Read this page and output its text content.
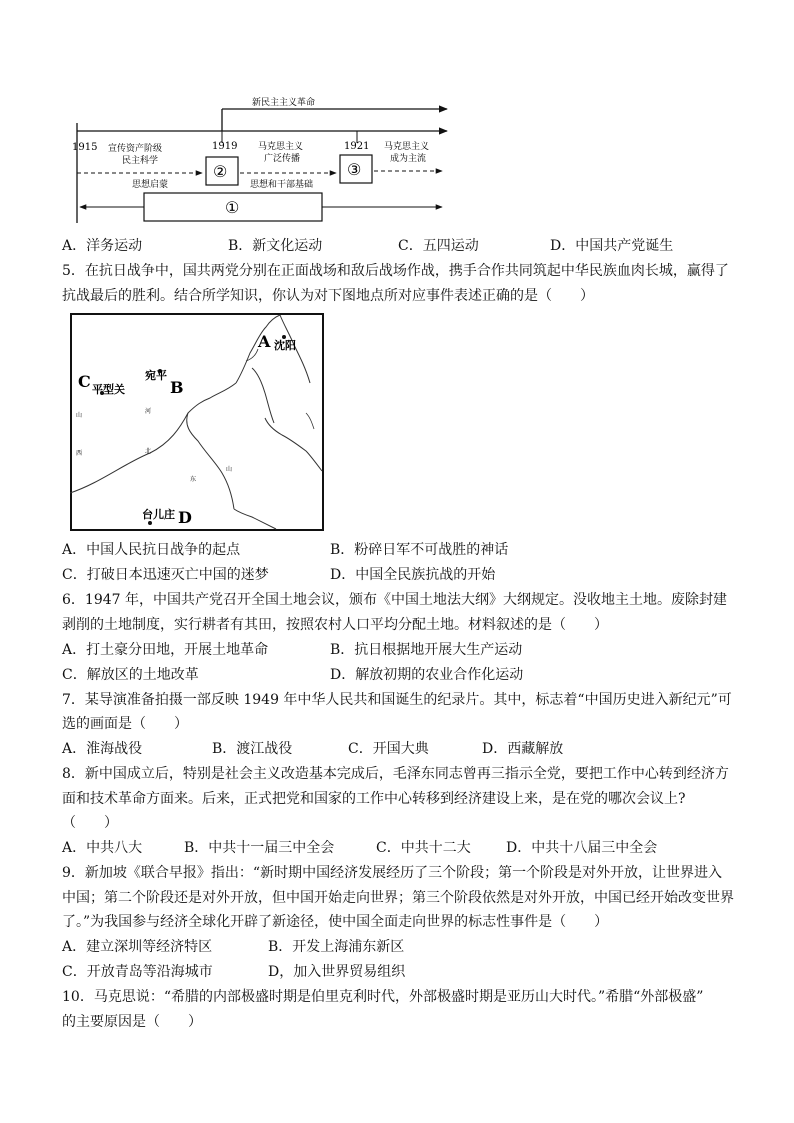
新民主主义革命
1915	1919	1921
宣传资产阶级
民主科学
马克思主义
广泛传播
马克思主义
成为主流
②	③
思想启蒙	思想和干部基础
①
A．洋务运动	B．新文化运动	C．五四运动	D．中国共产党诞生
5．在抗日战争中，国共两党分别在正面战场和敌后战场作战，携手合作共同筑起中华民族血肉长城，赢得了
抗战最后的胜利。结合所学知识，你认为对下图地点所对应事件表述正确的是（　　）
A 沈阳
C 平型关
宛平
B
台儿庄 D
山
西
河
北
山
东
A．中国人民抗日战争的起点	B．粉碎日军不可战胜的神话
C．打破日本迅速灭亡中国的迷梦	D．中国全民族抗战的开始
6．1947 年，中国共产党召开全国土地会议，颁布《中国土地法大纲》大纲规定。没收地主土地。废除封建
剥削的土地制度，实行耕者有其田，按照农村人口平均分配土地。材料叙述的是（　　）
A．打土豪分田地，开展土地革命	B．抗日根据地开展大生产运动
C．解放区的土地改革	D．解放初期的农业合作化运动
7．某导演准备拍摄一部反映 1949 年中华人民共和国诞生的纪录片。其中，标志着“中国历史进入新纪元”可
选的画面是（　　）
A．淮海战役	B．渡江战役	C．开国大典	D．西藏解放
8．新中国成立后，特别是社会主义改造基本完成后，毛泽东同志曾再三指示全党，要把工作中心转到经济方
面和技术革命方面来。后来，正式把党和国家的工作中心转移到经济建设上来，是在党的哪次会议上?
（　　）
A．中共八大	B．中共十一届三中全会	C．中共十二大	D．中共十八届三中全会
9．新加坡《联合早报》指出：“新时期中国经济发展经历了三个阶段；第一个阶段是对外开放，让世界进入
中国；第二个阶段还是对外开放，但中国开始走向世界；第三个阶段依然是对外开放，中国已经开始改变世界
了。”为我国参与经济全球化开辟了新途径，使中国全面走向世界的标志性事件是（　　）
A．建立深圳等经济特区	B．开发上海浦东新区
C．开放青岛等沿海城市	D，加入世界贸易组织
10．马克思说：“希腊的内部极盛时期是伯里克利时代，外部极盛时期是亚历山大时代。”希腊“外部极盛”
的主要原因是（　　）
